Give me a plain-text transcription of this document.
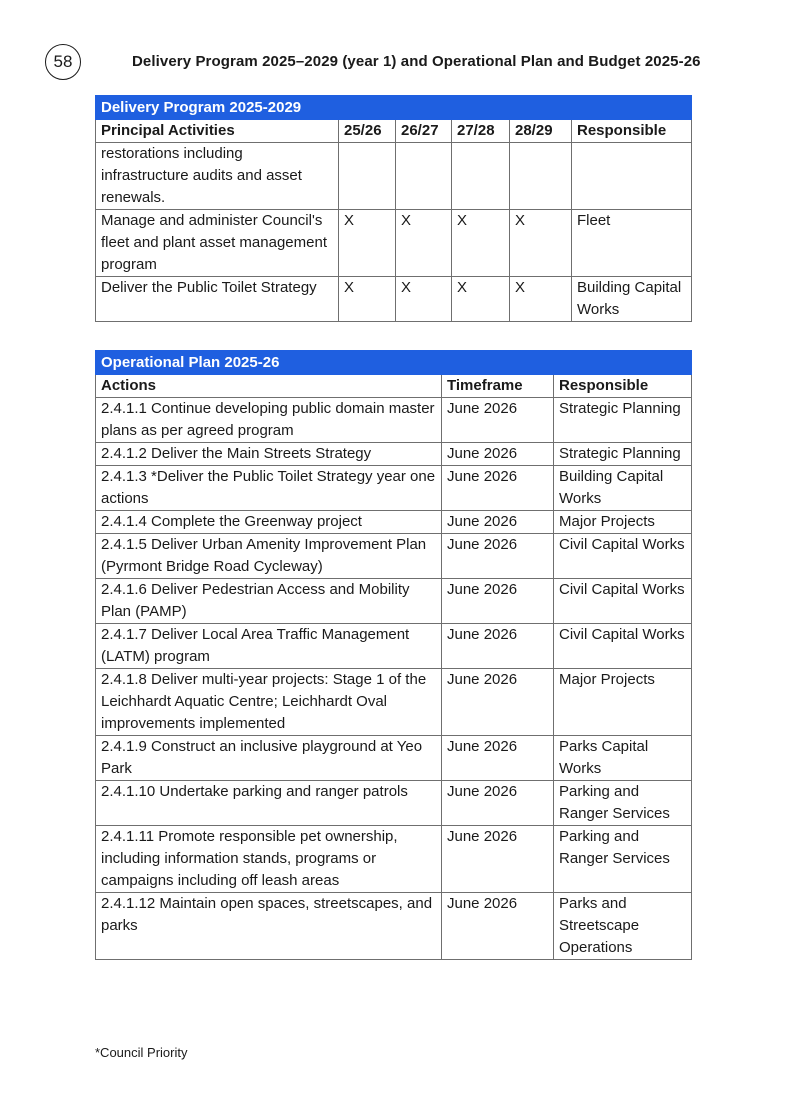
58	Delivery Program 2025–2029 (year 1) and Operational Plan and Budget 2025-26
Delivery Program 2025-2029					
Principal Activities	25/26	26/27	27/28	28/29	Responsible
restorations including infrastructure audits and asset renewals.					
Manage and administer Council's fleet and plant asset management program	X	X	X	X	Fleet
Deliver the Public Toilet Strategy	X	X	X	X	Building Capital Works
Operational Plan 2025-26		
Actions	Timeframe	Responsible
2.4.1.1 Continue developing public domain master plans as per agreed program	June 2026	Strategic Planning
2.4.1.2 Deliver the Main Streets Strategy	June 2026	Strategic Planning
2.4.1.3 *Deliver the Public Toilet Strategy year one actions	June 2026	Building Capital Works
2.4.1.4 Complete the Greenway project	June 2026	Major Projects
2.4.1.5 Deliver Urban Amenity Improvement Plan (Pyrmont Bridge Road Cycleway)	June 2026	Civil Capital Works
2.4.1.6 Deliver Pedestrian Access and Mobility Plan (PAMP)	June 2026	Civil Capital Works
2.4.1.7 Deliver Local Area Traffic Management (LATM) program	June 2026	Civil Capital Works
2.4.1.8 Deliver multi-year projects: Stage 1 of the Leichhardt Aquatic Centre; Leichhardt Oval improvements implemented	June 2026	Major Projects
2.4.1.9 Construct an inclusive playground at Yeo Park	June 2026	Parks Capital Works
2.4.1.10 Undertake parking and ranger patrols	June 2026	Parking and Ranger Services
2.4.1.11 Promote responsible pet ownership, including information stands, programs or campaigns including off leash areas	June 2026	Parking and Ranger Services
2.4.1.12 Maintain open spaces, streetscapes, and parks	June 2026	Parks and Streetscape Operations
*Council Priority
